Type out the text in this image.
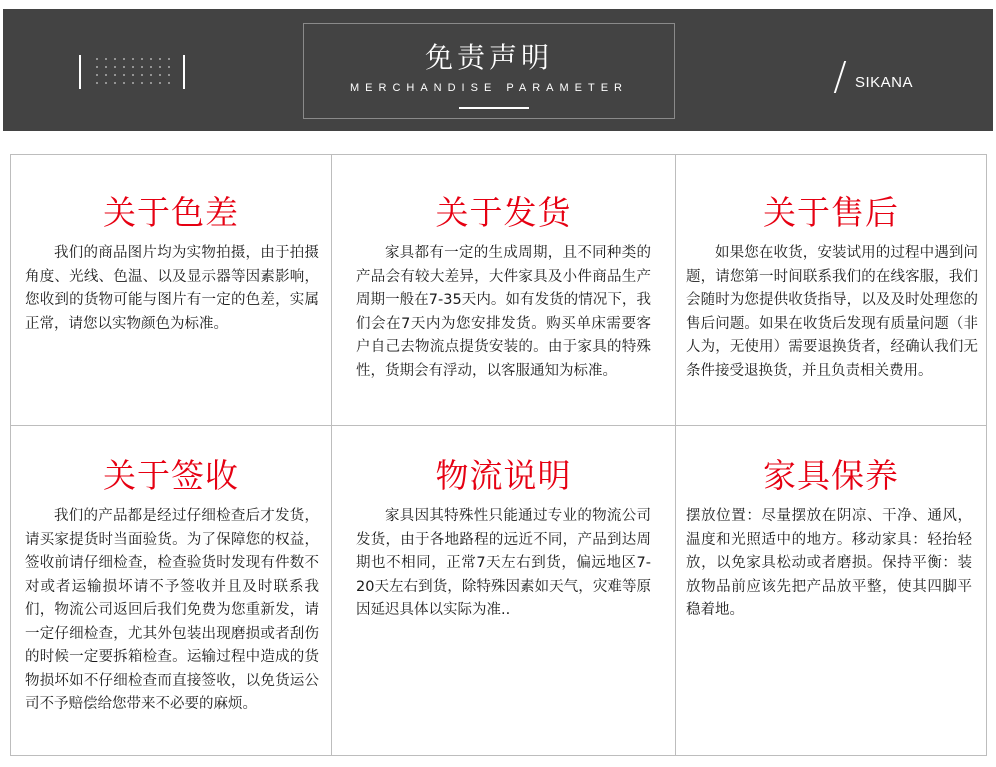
免责声明
MERCHANDISE PARAMETER	SIKANA
关于色差
我们的商品图片均为实物拍摄，由于拍摄角度、光线、色温、以及显示器等因素影响，您收到的货物可能与图片有一定的色差，实属正常，请您以实物颜色为标准。
关于发货
家具都有一定的生成周期，且不同种类的产品会有较大差异，大件家具及小件商品生产周期一般在7-35天内。如有发货的情况下，我们会在7天内为您安排发货。购买单床需要客户自己去物流点提货安装的。由于家具的特殊性，货期会有浮动，以客服通知为标准。
关于售后
如果您在收货，安装试用的过程中遇到问题，请您第一时间联系我们的在线客服，我们会随时为您提供收货指导，以及及时处理您的售后问题。如果在收货后发现有质量问题（非人为，无使用）需要退换货者，经确认我们无条件接受退换货，并且负责相关费用。
关于签收
我们的产品都是经过仔细检查后才发货，请买家提货时当面验货。为了保障您的权益，签收前请仔细检查，检查验货时发现有件数不对或者运输损坏请不予签收并且及时联系我们，物流公司返回后我们免费为您重新发，请一定仔细检查，尤其外包装出现磨损或者刮伤的时候一定要拆箱检查。运输过程中造成的货物损坏如不仔细检查而直接签收，以免货运公司不予赔偿给您带来不必要的麻烦。
物流说明
家具因其特殊性只能通过专业的物流公司发货，由于各地路程的远近不同，产品到达周期也不相同，正常7天左右到货，偏远地区7-20天左右到货，除特殊因素如天气，灾难等原因延迟具体以实际为准..
家具保养
摆放位置：尽量摆放在阴凉、干净、通风，温度和光照适中的地方。移动家具：轻抬轻放，以免家具松动或者磨损。保持平衡：装放物品前应该先把产品放平整，使其四脚平稳着地。
